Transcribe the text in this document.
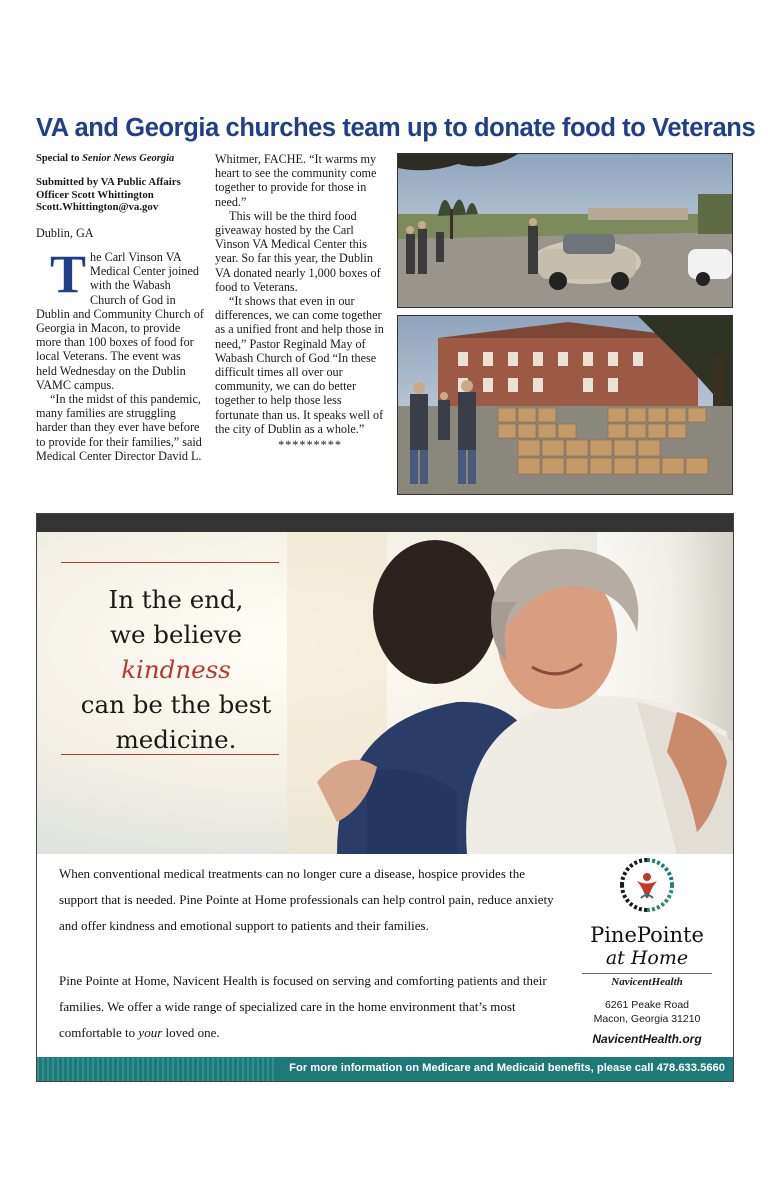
VA and Georgia churches team up to donate food to Veterans

Special to Senior News Georgia

Submitted by VA Public Affairs
Officer Scott Whittington
Scott.Whittington@va.gov

Dublin, GA

The Carl Vinson VA Medical Center joined with the Wabash Church of God in Dublin and Community Church of Georgia in Macon, to provide more than 100 boxes of food for local Veterans. The event was held Wednesday on the Dublin VAMC campus.

“In the midst of this pandemic, many families are struggling harder than they ever have before to provide for their families,” said Medical Center Director David L.

Whitmer, FACHE. “It warms my heart to see the community come together to provide for those in need.”

This will be the third food giveaway hosted by the Carl Vinson VA Medical Center this year. So far this year, the Dublin VA donated nearly 1,000 boxes of food to Veterans.

“It shows that even in our differences, we can come together as a unified front and help those in need,” Pastor Reginald May of Wabash Church of God “In these difficult times all over our community, we can do better together to help those less fortunate than us. It speaks well of the city of Dublin as a whole.”

*********

In the end,
we believe kindness
can be the best
medicine.

When conventional medical treatments can no longer cure a disease, hospice provides the support that is needed. Pine Pointe at Home professionals can help control pain, reduce anxiety and offer kindness and emotional support to patients and their families.

Pine Pointe at Home, Navicent Health is focused on serving and comforting patients and their families. We offer a wide range of specialized care in the home environment that’s most comfortable to your loved one.

PinePointe
at Home
NavicentHealth
6261 Peake Road
Macon, Georgia 31210
NavicentHealth.org
For more information on Medicare and Medicaid benefits, please call 478.633.5660
